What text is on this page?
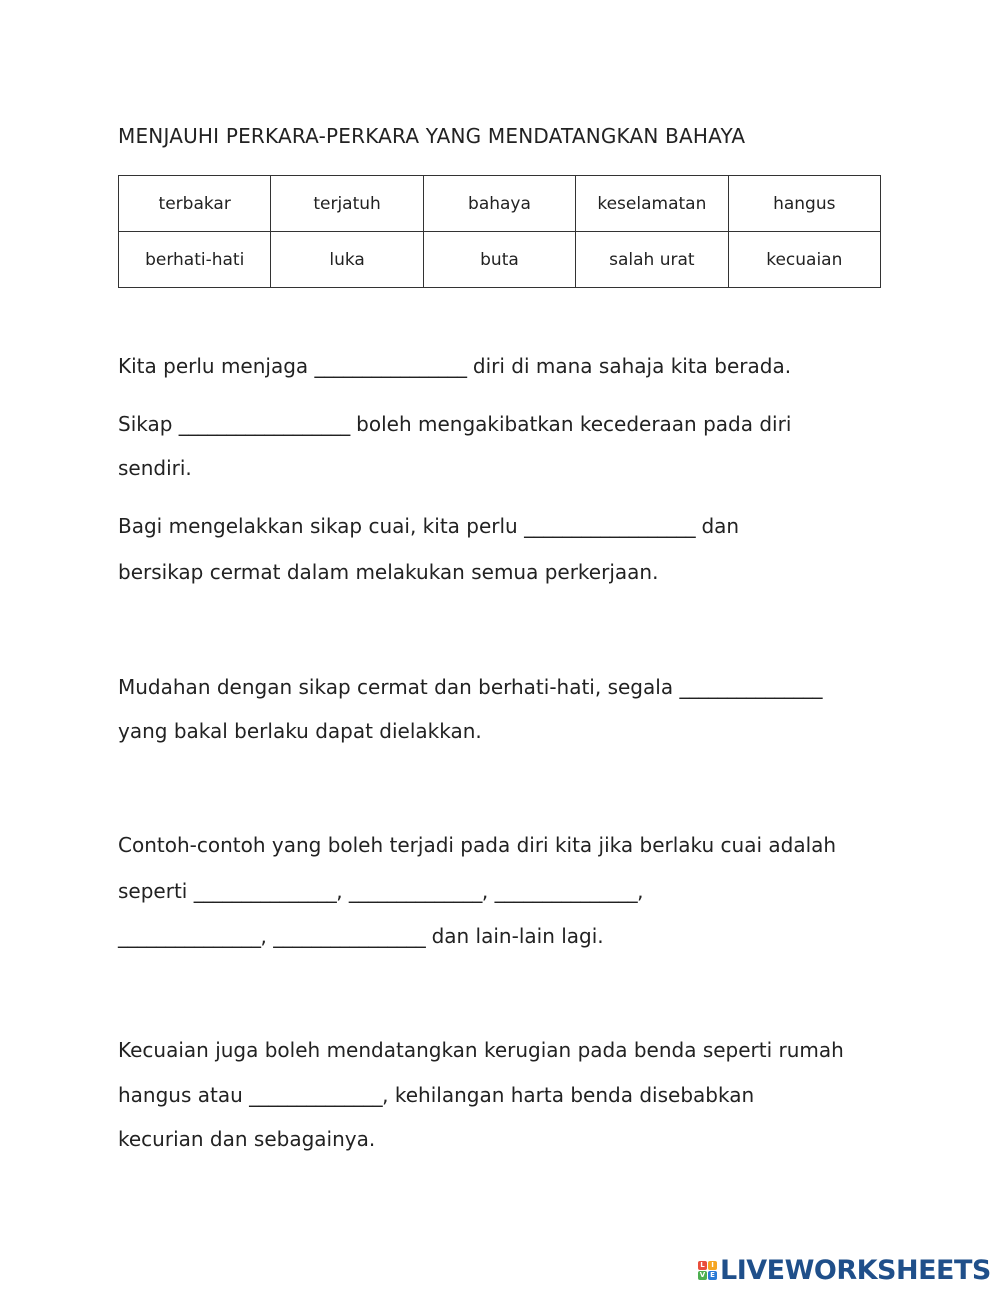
MENJAUHI PERKARA-PERKARA YANG MENDATANGKAN BAHAYA
terbakar	terjatuh	bahaya	keselamatan	hangus
berhati-hati	luka	buta	salah urat	kecuaian
Kita perlu menjaga ________________ diri di mana sahaja kita berada.
Sikap __________________ boleh mengakibatkan kecederaan pada diri
sendiri.
Bagi mengelakkan sikap cuai, kita perlu __________________ dan
bersikap cermat dalam melakukan semua perkerjaan.
Mudahan dengan sikap cermat dan berhati-hati, segala _______________
yang bakal berlaku dapat dielakkan.
Contoh-contoh yang boleh terjadi pada diri kita jika berlaku cuai adalah
seperti _______________, ______________, _______________,
_______________, ________________ dan lain-lain lagi.
Kecuaian juga boleh mendatangkan kerugian pada benda seperti rumah
hangus atau ______________, kehilangan harta benda disebabkan
kecurian dan sebagainya.
L I
V E LIVEWORKSHEETS
